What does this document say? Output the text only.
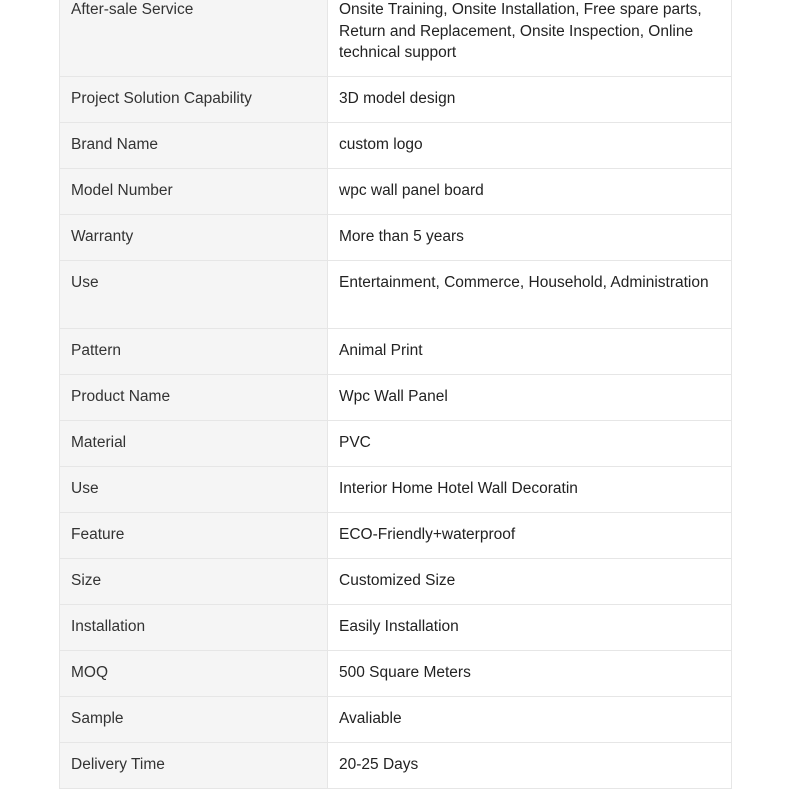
After-sale Service	Onsite Training, Onsite Installation, Free spare parts, Return and Replacement, Onsite Inspection, Online technical support
Project Solution Capability	3D model design
Brand Name	custom logo
Model Number	wpc wall panel board
Warranty	More than 5 years
Use	Entertainment, Commerce, Household, Administration
Pattern	Animal Print
Product Name	Wpc Wall Panel
Material	PVC
Use	Interior Home Hotel Wall Decoratin
Feature	ECO-Friendly+waterproof
Size	Customized Size
Installation	Easily Installation
MOQ	500 Square Meters
Sample	Avaliable
Delivery Time	20-25 Days
